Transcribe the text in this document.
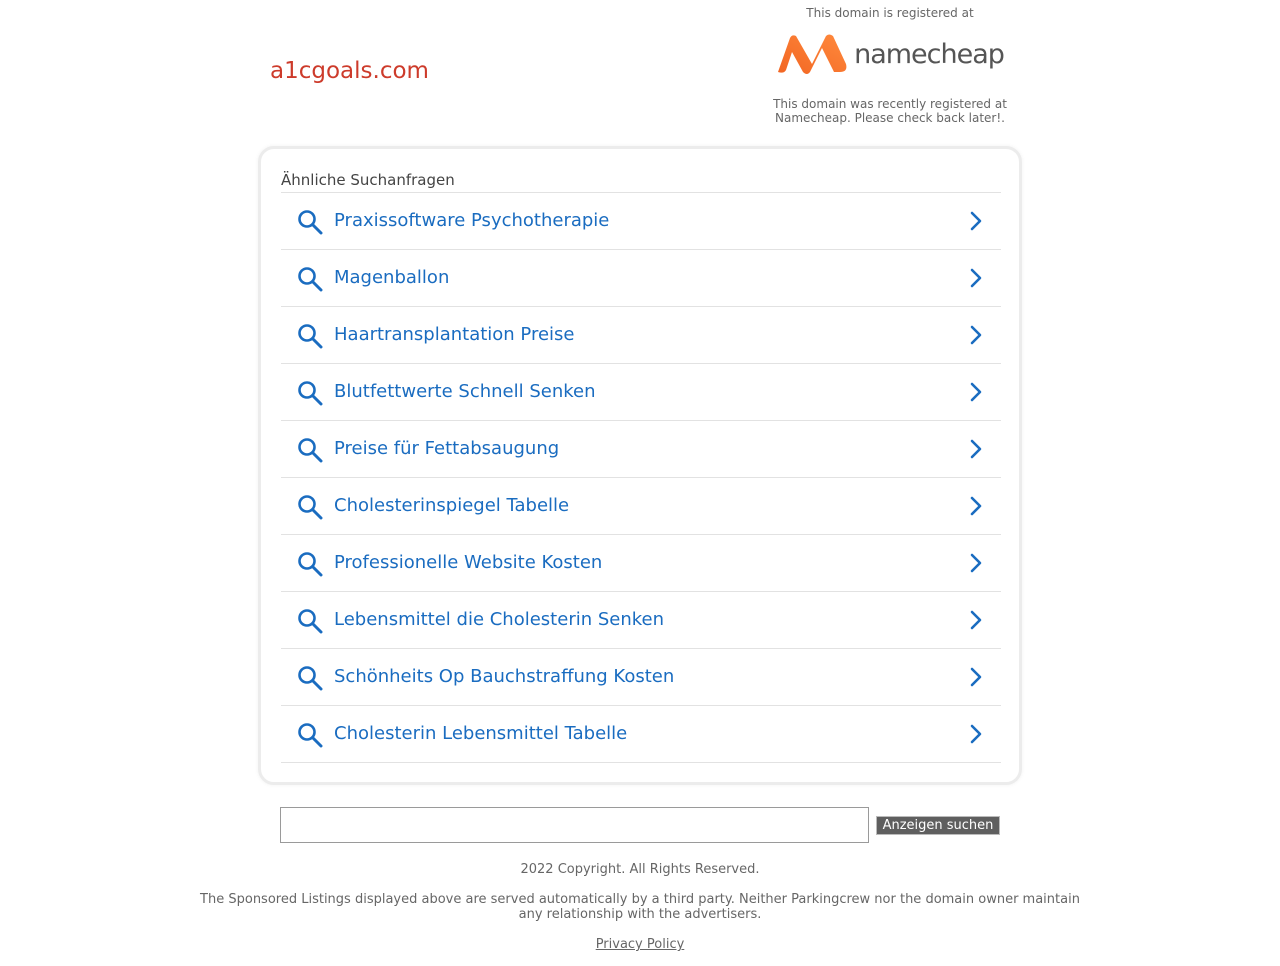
a1cgoals.com
This domain is registered at
namecheap
This domain was recently registered at Namecheap. Please check back later!.
Ähnliche Suchanfragen
Praxissoftware Psychotherapie
Magenballon
Haartransplantation Preise
Blutfettwerte Schnell Senken
Preise für Fettabsaugung
Cholesterinspiegel Tabelle
Professionelle Website Kosten
Lebensmittel die Cholesterin Senken
Schönheits Op Bauchstraffung Kosten
Cholesterin Lebensmittel Tabelle
Anzeigen suchen
2022 Copyright. All Rights Reserved.
The Sponsored Listings displayed above are served automatically by a third party. Neither Parkingcrew nor the domain owner maintain any relationship with the advertisers.
Privacy Policy
